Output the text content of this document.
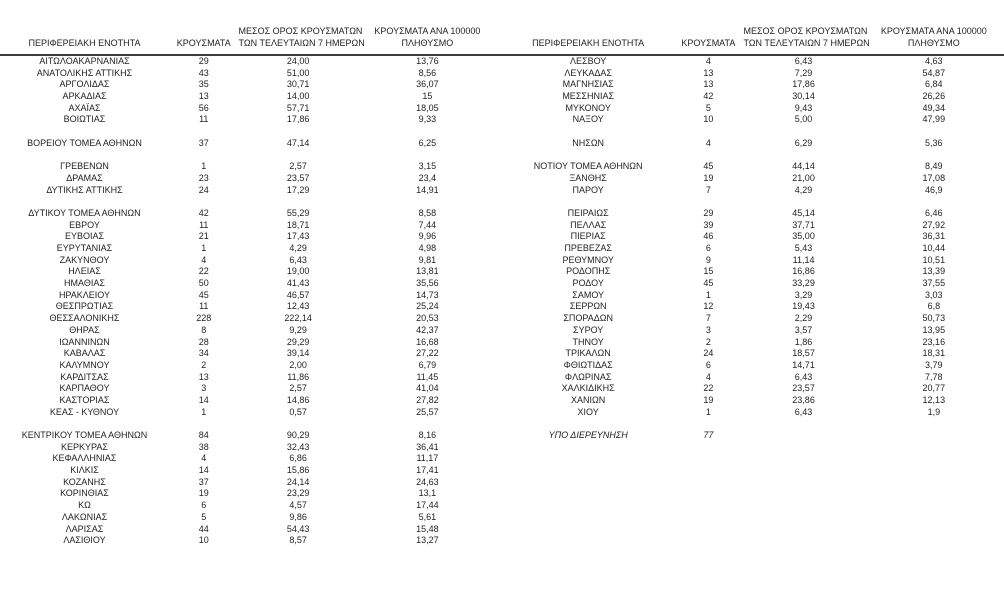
ΠΕΡΙΦΕΡΕΙΑΚΗ ΕΝΟΤΗΤΑ	ΚΡΟΥΣΜΑΤΑ
ΜΕΣΟΣ ΟΡΟΣ ΚΡΟΥΣΜΑΤΩΝ
ΤΩΝ ΤΕΛΕΥΤΑΙΩΝ 7 ΗΜΕΡΩΝ
ΚΡΟΥΣΜΑΤΑ ΑΝΑ 100000
ΠΛΗΘΥΣΜΟ
ΑΙΤΩΛΟΑΚΑΡΝΑΝΙΑΣ	29	24,00	13,76
ΑΝΑΤΟΛΙΚΗΣ ΑΤΤΙΚΗΣ	43	51,00	8,56
ΑΡΓΟΛΙΔΑΣ	35	30,71	36,07
ΑΡΚΑΔΙΑΣ	13	14,00	15
ΑΧΑΪΑΣ	56	57,71	18,05
ΒΟΙΩΤΙΑΣ	11	17,86	9,33
ΒΟΡΕΙΟΥ ΤΟΜΕΑ ΑΘΗΝΩΝ	37	47,14	6,25
ΓΡΕΒΕΝΩΝ	1	2,57	3,15
ΔΡΑΜΑΣ	23	23,57	23,4
ΔΥΤΙΚΗΣ ΑΤΤΙΚΗΣ	24	17,29	14,91
ΔΥΤΙΚΟΥ ΤΟΜΕΑ ΑΘΗΝΩΝ	42	55,29	8,58
ΕΒΡΟΥ	11	18,71	7,44
ΕΥΒΟΙΑΣ	21	17,43	9,96
ΕΥΡΥΤΑΝΙΑΣ	1	4,29	4,98
ΖΑΚΥΝΘΟΥ	4	6,43	9,81
ΗΛΕΙΑΣ	22	19,00	13,81
ΗΜΑΘΙΑΣ	50	41,43	35,56
ΗΡΑΚΛΕΙΟΥ	45	46,57	14,73
ΘΕΣΠΡΩΤΙΑΣ	11	12,43	25,24
ΘΕΣΣΑΛΟΝΙΚΗΣ	228	222,14	20,53
ΘΗΡΑΣ	8	9,29	42,37
ΙΩΑΝΝΙΝΩΝ	28	29,29	16,68
ΚΑΒΑΛΑΣ	34	39,14	27,22
ΚΑΛΥΜΝΟΥ	2	2,00	6,79
ΚΑΡΔΙΤΣΑΣ	13	11,86	11,45
ΚΑΡΠΑΘΟΥ	3	2,57	41,04
ΚΑΣΤΟΡΙΑΣ	14	14,86	27,82
ΚΕΑΣ - ΚΥΘΝΟΥ	1	0,57	25,57
ΚΕΝΤΡΙΚΟΥ ΤΟΜΕΑ ΑΘΗΝΩΝ	84	90,29	8,16
ΚΕΡΚΥΡΑΣ	38	32,43	36,41
ΚΕΦΑΛΛΗΝΙΑΣ	4	6,86	11,17
ΚΙΛΚΙΣ	14	15,86	17,41
ΚΟΖΑΝΗΣ	37	24,14	24,63
ΚΟΡΙΝΘΙΑΣ	19	23,29	13,1
ΚΩ	6	4,57	17,44
ΛΑΚΩΝΙΑΣ	5	9,86	5,61
ΛΑΡΙΣΑΣ	44	54,43	15,48
ΛΑΣΙΘΙΟΥ	10	8,57	13,27
ΠΕΡΙΦΕΡΕΙΑΚΗ ΕΝΟΤΗΤΑ	ΚΡΟΥΣΜΑΤΑ
ΜΕΣΟΣ ΟΡΟΣ ΚΡΟΥΣΜΑΤΩΝ
ΤΩΝ ΤΕΛΕΥΤΑΙΩΝ 7 ΗΜΕΡΩΝ
ΚΡΟΥΣΜΑΤΑ ΑΝΑ 100000
ΠΛΗΘΥΣΜΟ
ΛΕΣΒΟΥ	4	6,43	4,63
ΛΕΥΚΑΔΑΣ	13	7,29	54,87
ΜΑΓΝΗΣΙΑΣ	13	17,86	6,84
ΜΕΣΣΗΝΙΑΣ	42	30,14	26,26
ΜΥΚΟΝΟΥ	5	9,43	49,34
ΝΑΞΟΥ	10	5,00	47,99
ΝΗΣΩΝ	4	6,29	5,36
ΝΟΤΙΟΥ ΤΟΜΕΑ ΑΘΗΝΩΝ	45	44,14	8,49
ΞΑΝΘΗΣ	19	21,00	17,08
ΠΑΡΟΥ	7	4,29	46,9
ΠΕΙΡΑΙΩΣ	29	45,14	6,46
ΠΕΛΛΑΣ	39	37,71	27,92
ΠΙΕΡΙΑΣ	46	35,00	36,31
ΠΡΕΒΕΖΑΣ	6	5,43	10,44
ΡΕΘΥΜΝΟΥ	9	11,14	10,51
ΡΟΔΟΠΗΣ	15	16,86	13,39
ΡΟΔΟΥ	45	33,29	37,55
ΣΑΜΟΥ	1	3,29	3,03
ΣΕΡΡΩΝ	12	19,43	6,8
ΣΠΟΡΑΔΩΝ	7	2,29	50,73
ΣΥΡΟΥ	3	3,57	13,95
ΤΗΝΟΥ	2	1,86	23,16
ΤΡΙΚΑΛΩΝ	24	18,57	18,31
ΦΘΙΩΤΙΔΑΣ	6	14,71	3,79
ΦΛΩΡΙΝΑΣ	4	6,43	7,78
ΧΑΛΚΙΔΙΚΗΣ	22	23,57	20,77
ΧΑΝΙΩΝ	19	23,86	12,13
ΧΙΟΥ	1	6,43	1,9
ΥΠΟ ΔΙΕΡΕΥΝΗΣΗ	77
